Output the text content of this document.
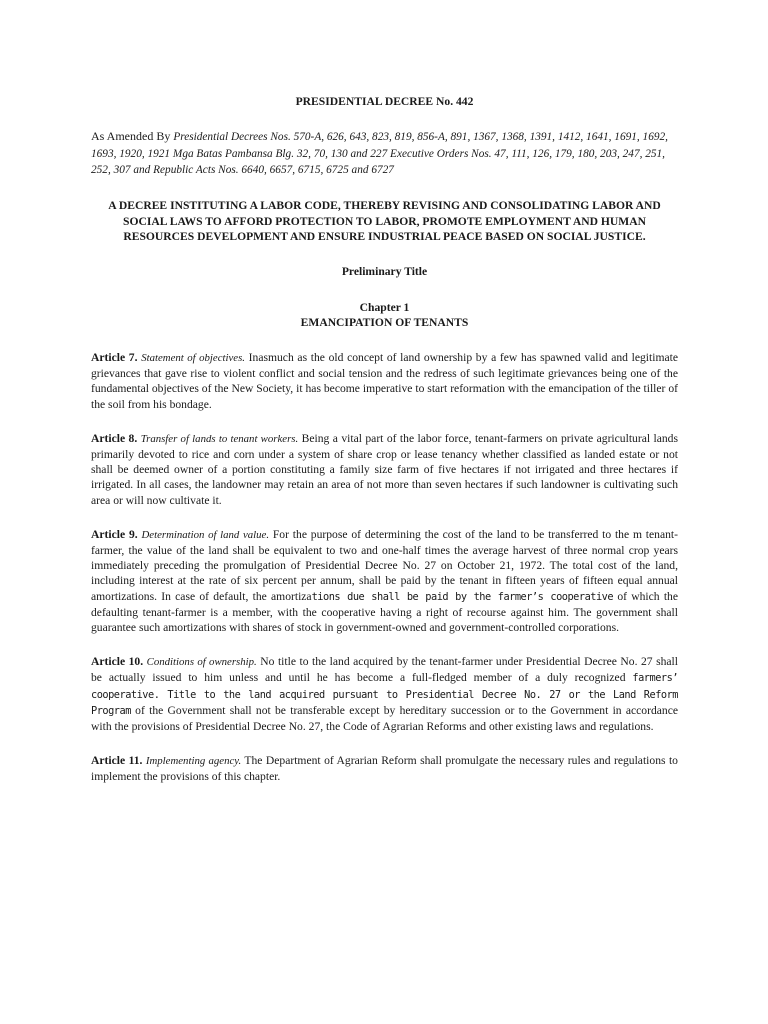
PRESIDENTIAL DECREE No. 442
As Amended By Presidential Decrees Nos. 570-A, 626, 643, 823, 819, 856-A, 891, 1367, 1368, 1391, 1412, 1641, 1691, 1692, 1693, 1920, 1921 Mga Batas Pambansa Blg. 32, 70, 130 and 227 Executive Orders Nos. 47, 111, 126, 179, 180, 203, 247, 251, 252, 307 and Republic Acts Nos. 6640, 6657, 6715, 6725 and 6727
A DECREE INSTITUTING A LABOR CODE, THEREBY REVISING AND CONSOLIDATING LABOR AND SOCIAL LAWS TO AFFORD PROTECTION TO LABOR, PROMOTE EMPLOYMENT AND HUMAN RESOURCES DEVELOPMENT AND ENSURE INDUSTRIAL PEACE BASED ON SOCIAL JUSTICE.
Preliminary Title
Chapter 1
EMANCIPATION OF TENANTS

Article 7. Statement of objectives. Inasmuch as the old concept of land ownership by a few has spawned valid and legitimate grievances that gave rise to violent conflict and social tension and the redress of such legitimate grievances being one of the fundamental objectives of the New Society, it has become imperative to start reformation with the emancipation of the tiller of the soil from his bondage.

Article 8. Transfer of lands to tenant workers. Being a vital part of the labor force, tenant-farmers on private agricultural lands primarily devoted to rice and corn under a system of share crop or lease tenancy whether classified as landed estate or not shall be deemed owner of a portion constituting a family size farm of five hectares if not irrigated and three hectares if irrigated. In all cases, the landowner may retain an area of not more than seven hectares if such landowner is cultivating such area or will now cultivate it.

Article 9. Determination of land value. For the purpose of determining the cost of the land to be transferred to the m tenant-farmer, the value of the land shall be equivalent to two and one-half times the average harvest of three normal crop years immediately preceding the promulgation of Presidential Decree No. 27 on October 21, 1972. The total cost of the land, including interest at the rate of six percent per annum, shall be paid by the tenant in fifteen years of fifteen equal annual amortizations. In case of default, the amortizations due shall be paid by the farmer’s cooperative of which the defaulting tenant-farmer is a member, with the cooperative having a right of recourse against him. The government shall guarantee such amortizations with shares of stock in government-owned and government-controlled corporations.

Article 10. Conditions of ownership. No title to the land acquired by the tenant-farmer under Presidential Decree No. 27 shall be actually issued to him unless and until he has become a full-fledged member of a duly recognized farmers’ cooperative. Title to the land acquired pursuant to Presidential Decree No. 27 or the Land Reform Program of the Government shall not be transferable except by hereditary succession or to the Government in accordance with the provisions of Presidential Decree No. 27, the Code of Agrarian Reforms and other existing laws and regulations.

Article 11. Implementing agency. The Department of Agrarian Reform shall promulgate the necessary rules and regulations to implement the provisions of this chapter.
